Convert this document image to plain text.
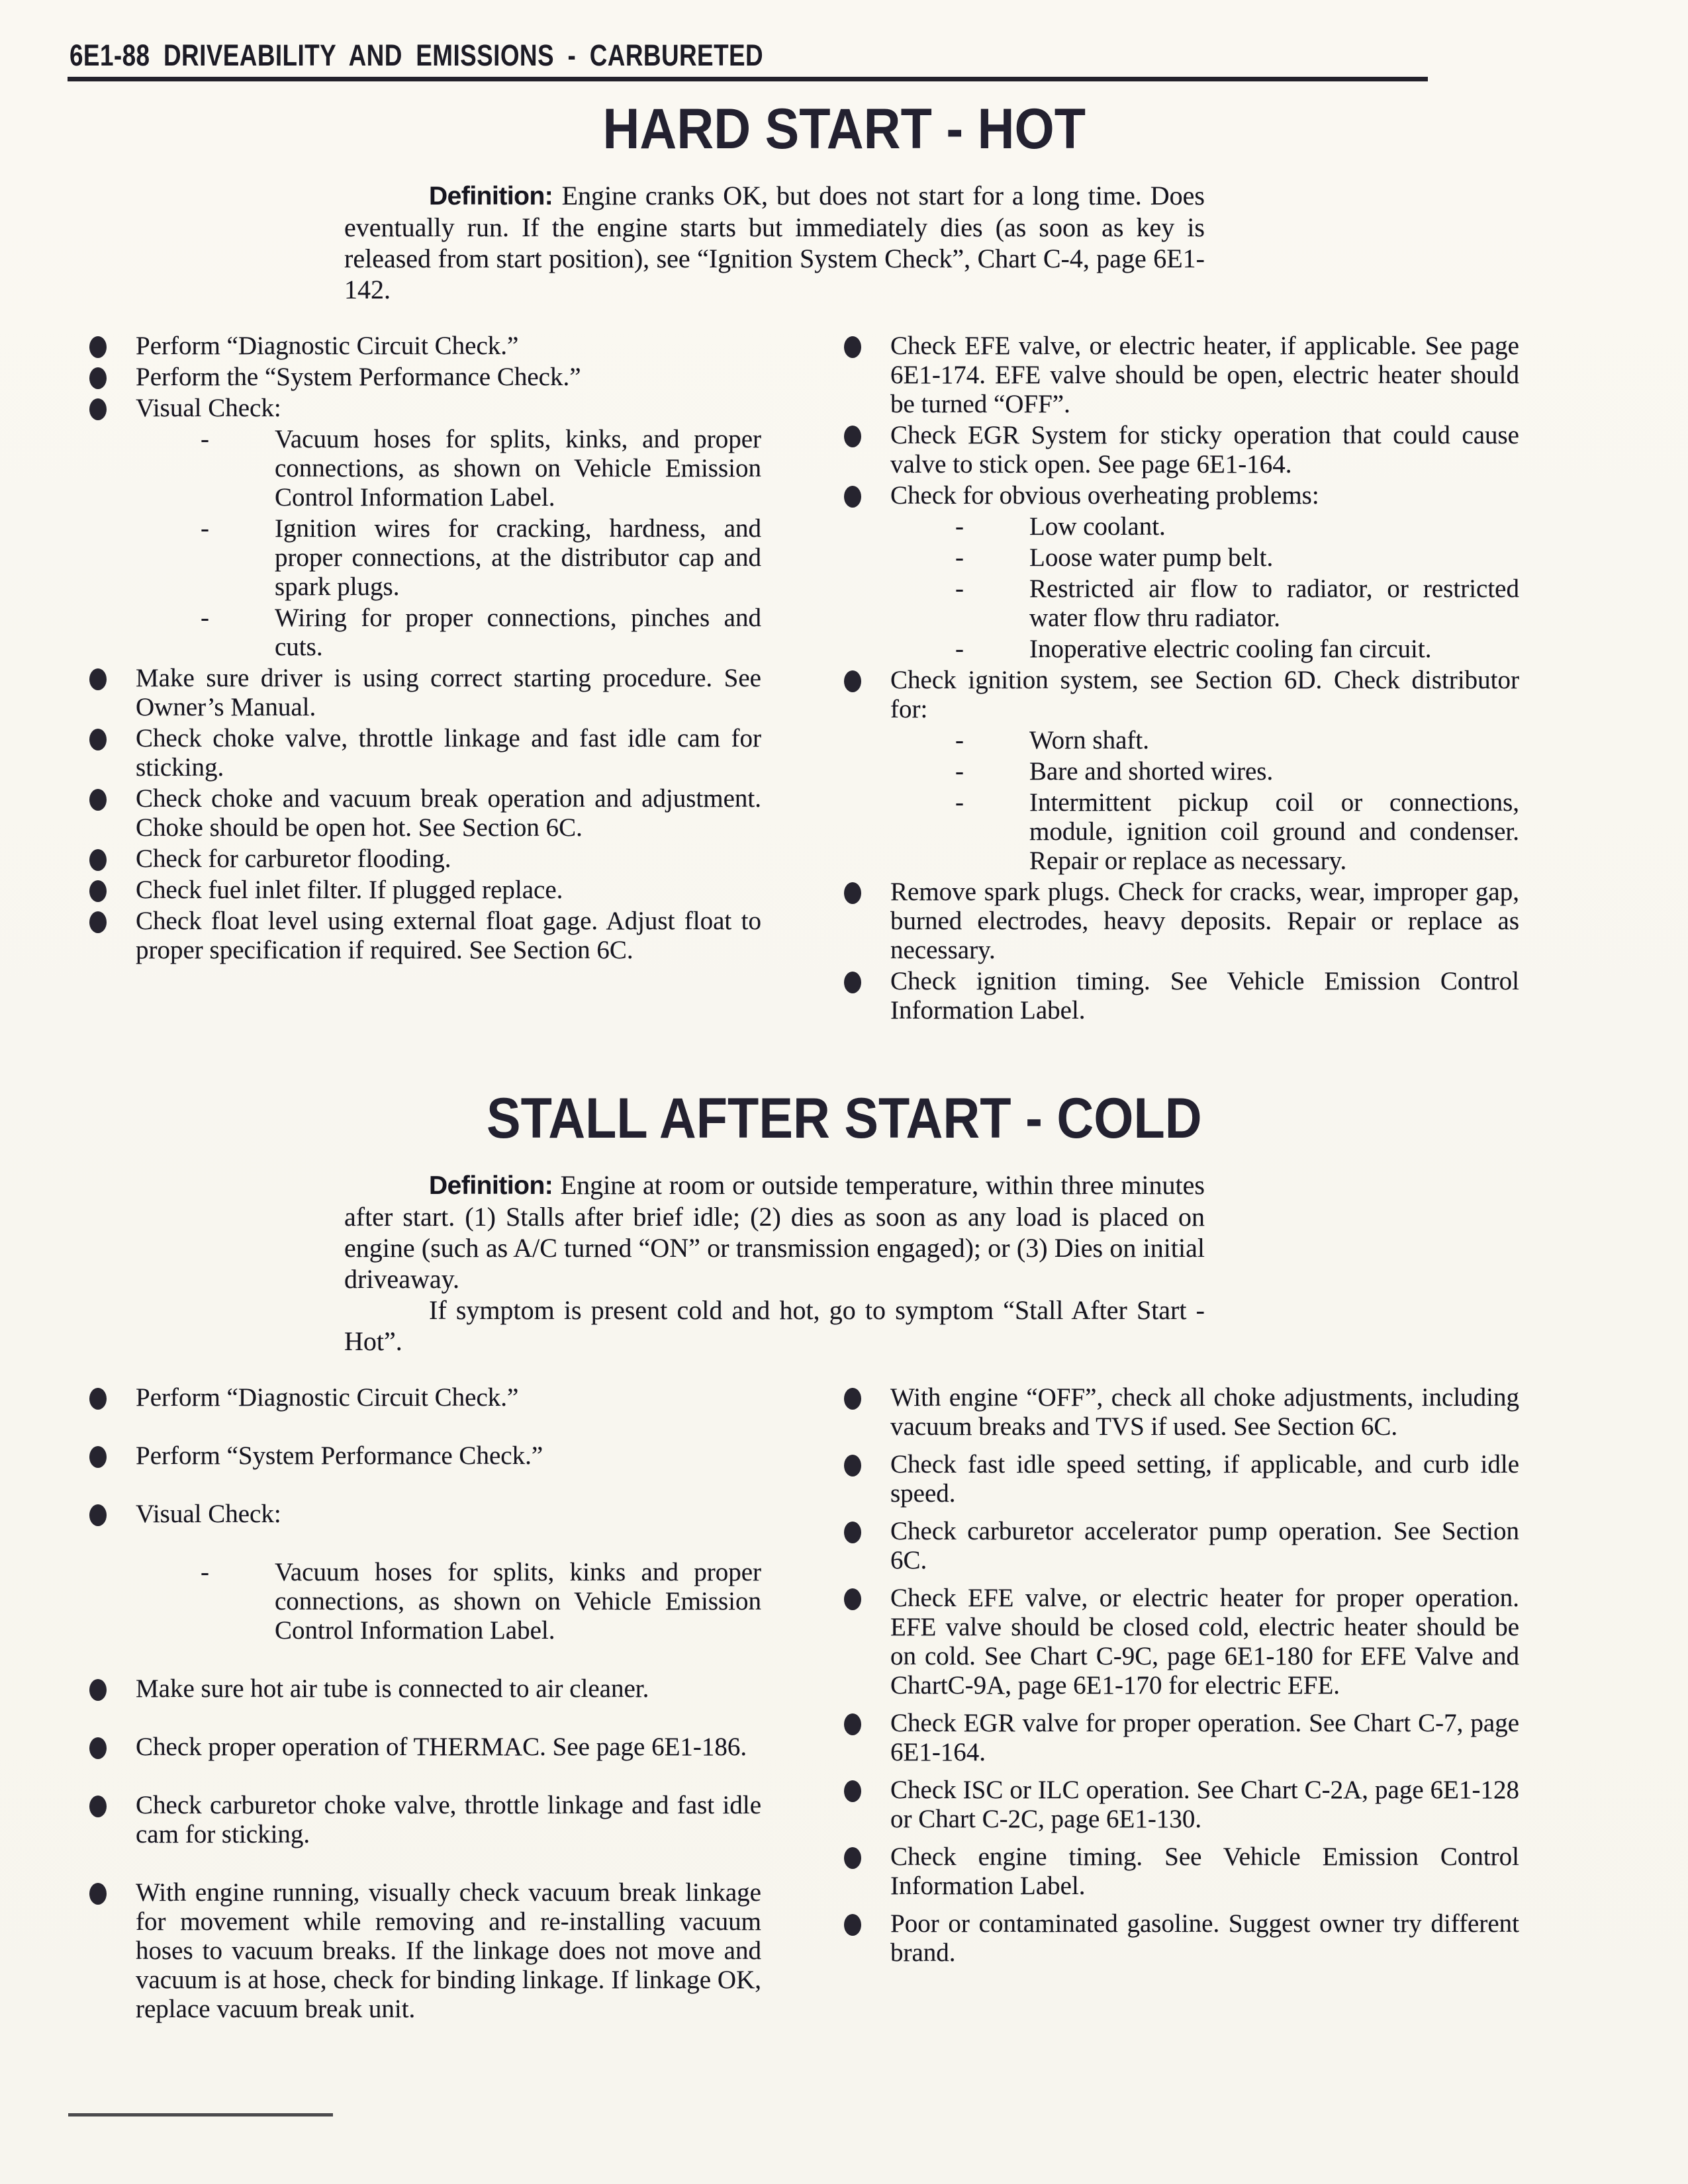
6E1-88 DRIVEABILITY AND EMISSIONS - CARBURETED
HARD START - HOT

Definition: Engine cranks OK, but does not start for a long time. Does eventually run. If the engine starts but immediately dies (as soon as key is released from start position), see “Ignition System Check”, Chart C-4, page 6E1-142.

Perform “Diagnostic Circuit Check.”
Perform the “System Performance Check.”
Visual Check:
-	Vacuum hoses for splits, kinks, and proper connections, as shown on Vehicle Emission Control Information Label.
-	Ignition wires for cracking, hardness, and proper connections, at the distributor cap and spark plugs.
-	Wiring for proper connections, pinches and cuts.
Make sure driver is using correct starting procedure. See Owner’s Manual.
Check choke valve, throttle linkage and fast idle cam for sticking.
Check choke and vacuum break operation and adjustment. Choke should be open hot. See Section 6C.
Check for carburetor flooding.
Check fuel inlet filter. If plugged replace.
Check float level using external float gage. Adjust float to proper specification if required. See Section 6C.
Check EFE valve, or electric heater, if applicable. See page 6E1-174. EFE valve should be open, electric heater should be turned “OFF”.
Check EGR System for sticky operation that could cause valve to stick open. See page 6E1-164.
Check for obvious overheating problems:
-	Low coolant.
-	Loose water pump belt.
-	Restricted air flow to radiator, or restricted water flow thru radiator.
-	Inoperative electric cooling fan circuit.
Check ignition system, see Section 6D. Check distributor for:
-	Worn shaft.
-	Bare and shorted wires.
-	Intermittent pickup coil or connections, module, ignition coil ground and condenser. Repair or replace as necessary.
Remove spark plugs. Check for cracks, wear, improper gap, burned electrodes, heavy deposits. Repair or replace as necessary.
Check ignition timing. See Vehicle Emission Control Information Label.
STALL AFTER START - COLD

Definition: Engine at room or outside temperature, within three minutes after start. (1) Stalls after brief idle; (2) dies as soon as any load is placed on engine (such as A/C turned “ON” or transmission engaged); or (3) Dies on initial driveaway.

If symptom is present cold and hot, go to symptom “Stall After Start - Hot”.

Perform “Diagnostic Circuit Check.”
Perform “System Performance Check.”
Visual Check:
-	Vacuum hoses for splits, kinks and proper connections, as shown on Vehicle Emission Control Information Label.
Make sure hot air tube is connected to air cleaner.
Check proper operation of THERMAC. See page 6E1-186.
Check carburetor choke valve, throttle linkage and fast idle cam for sticking.
With engine running, visually check vacuum break linkage for movement while removing and re-installing vacuum hoses to vacuum breaks. If the linkage does not move and vacuum is at hose, check for binding linkage. If linkage OK, replace vacuum break unit.
With engine “OFF”, check all choke adjustments, including vacuum breaks and TVS if used. See Section 6C.
Check fast idle speed setting, if applicable, and curb idle speed.
Check carburetor accelerator pump operation. See Section 6C.
Check EFE valve, or electric heater for proper operation. EFE valve should be closed cold, electric heater should be on cold. See Chart C-9C, page 6E1-180 for EFE Valve and ChartC-9A, page 6E1-170 for electric EFE.
Check EGR valve for proper operation. See Chart C-7, page 6E1-164.
Check ISC or ILC operation. See Chart C-2A, page 6E1-128 or Chart C-2C, page 6E1-130.
Check engine timing. See Vehicle Emission Control Information Label.
Poor or contaminated gasoline. Suggest owner try different brand.
